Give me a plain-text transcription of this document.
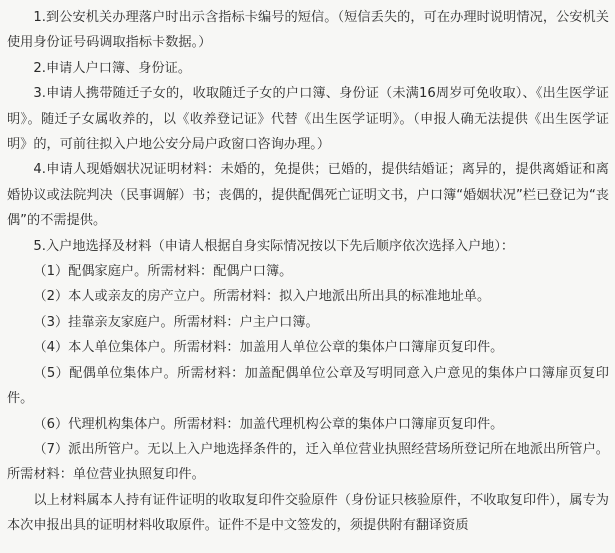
1.到公安机关办理落户时出示含指标卡编号的短信。（短信丢失的，可在办理时说明情况，公安机关使用身份证号码调取指标卡数据。）

2.申请人户口簿、身份证。

3.申请人携带随迁子女的，收取随迁子女的户口簿、身份证（未满16周岁可免收取）、《出生医学证明》。随迁子女属收养的，以《收养登记证》代替《出生医学证明》。（申报人确无法提供《出生医学证明》的，可前往拟入户地公安分局户政窗口咨询办理。）

4.申请人现婚姻状况证明材料：未婚的，免提供；已婚的，提供结婚证；离异的，提供离婚证和离婚协议或法院判决（民事调解）书；丧偶的，提供配偶死亡证明文书，户口簿“婚姻状况”栏已登记为“丧偶”的不需提供。

5.入户地选择及材料（申请人根据自身实际情况按以下先后顺序依次选择入户地）：

（1）配偶家庭户。所需材料：配偶户口簿。

（2）本人或亲友的房产立户。所需材料：拟入户地派出所出具的标准地址单。

（3）挂靠亲友家庭户。所需材料：户主户口簿。

（4）本人单位集体户。所需材料：加盖用人单位公章的集体户口簿扉页复印件。

（5）配偶单位集体户。所需材料：加盖配偶单位公章及写明同意入户意见的集体户口簿扉页复印件。

（6）代理机构集体户。所需材料：加盖代理机构公章的集体户口簿扉页复印件。

（7）派出所管户。无以上入户地选择条件的，迁入单位营业执照经营场所登记所在地派出所管户。所需材料：单位营业执照复印件。

以上材料属本人持有证件证明的收取复印件交验原件（身份证只核验原件，不收取复印件），属专为本次申报出具的证明材料收取原件。证件不是中文签发的，须提供附有翻译资质
